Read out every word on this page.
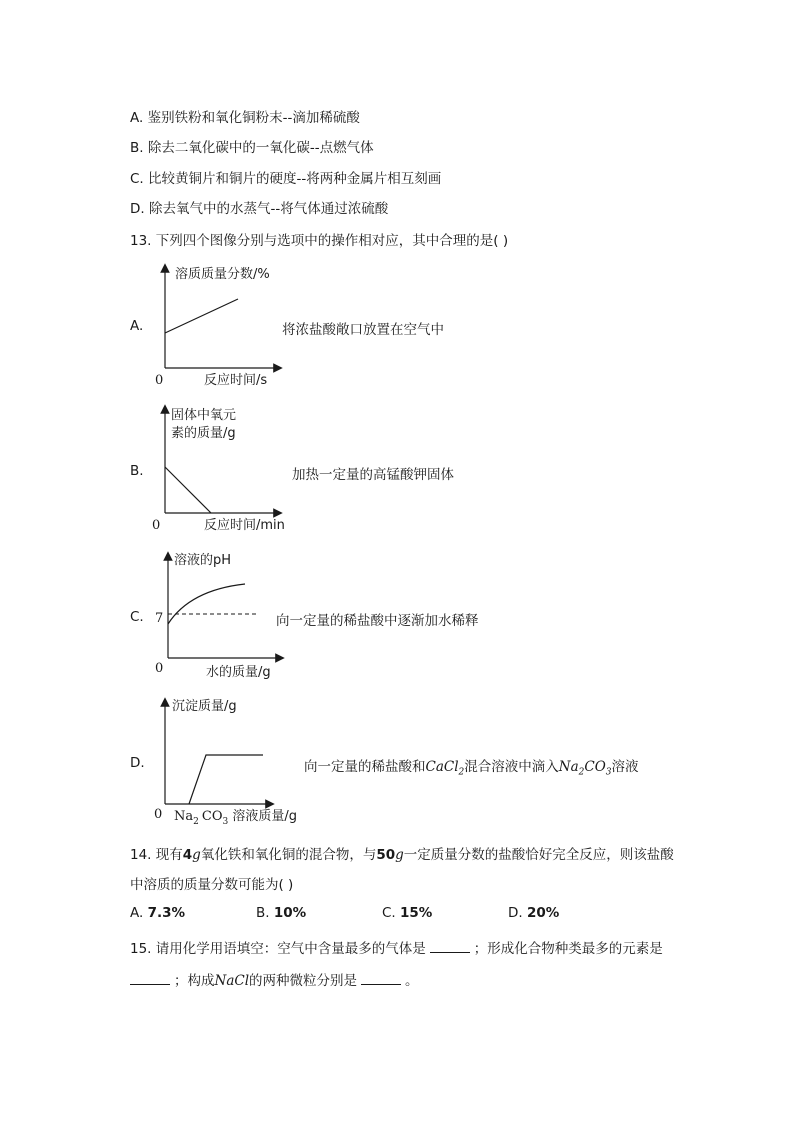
A. 鉴别铁粉和氧化铜粉末--滴加稀硫酸
B. 除去二氧化碳中的一氧化碳--点燃气体
C. 比较黄铜片和铜片的硬度--将两种金属片相互刻画
D. 除去氧气中的水蒸气--将气体通过浓硫酸
13. 下列四个图像分别与选项中的操作相对应，其中合理的是( )
A.
溶质质量分数/%
0	反应时间/s
将浓盐酸敞口放置在空气中
B.
固体中氧元
素的质量/g
0	反应时间/min
加热一定量的高锰酸钾固体
C.
溶液的pH
7
0	水的质量/g
向一定量的稀盐酸中逐渐加水稀释
D.
沉淀质量/g
0 $Na_2$ $CO_3$ 溶液质量/g
向一定量的稀盐酸和CaCl$_2$混合溶液中滴入$Na_2CO_3$溶液
14. 现有4g氧化铁和氧化铜的混合物，与50g一定质量分数的盐酸恰好完全反应，则该盐酸
中溶质的质量分数可能为( )
A. 7.3%	B. 10%	C. 15%	D. 20%
15. 请用化学用语填空：空气中含量最多的气体是	；形成化合物种类最多的元素是
；构成NaCl的两种微粒分别是	。
